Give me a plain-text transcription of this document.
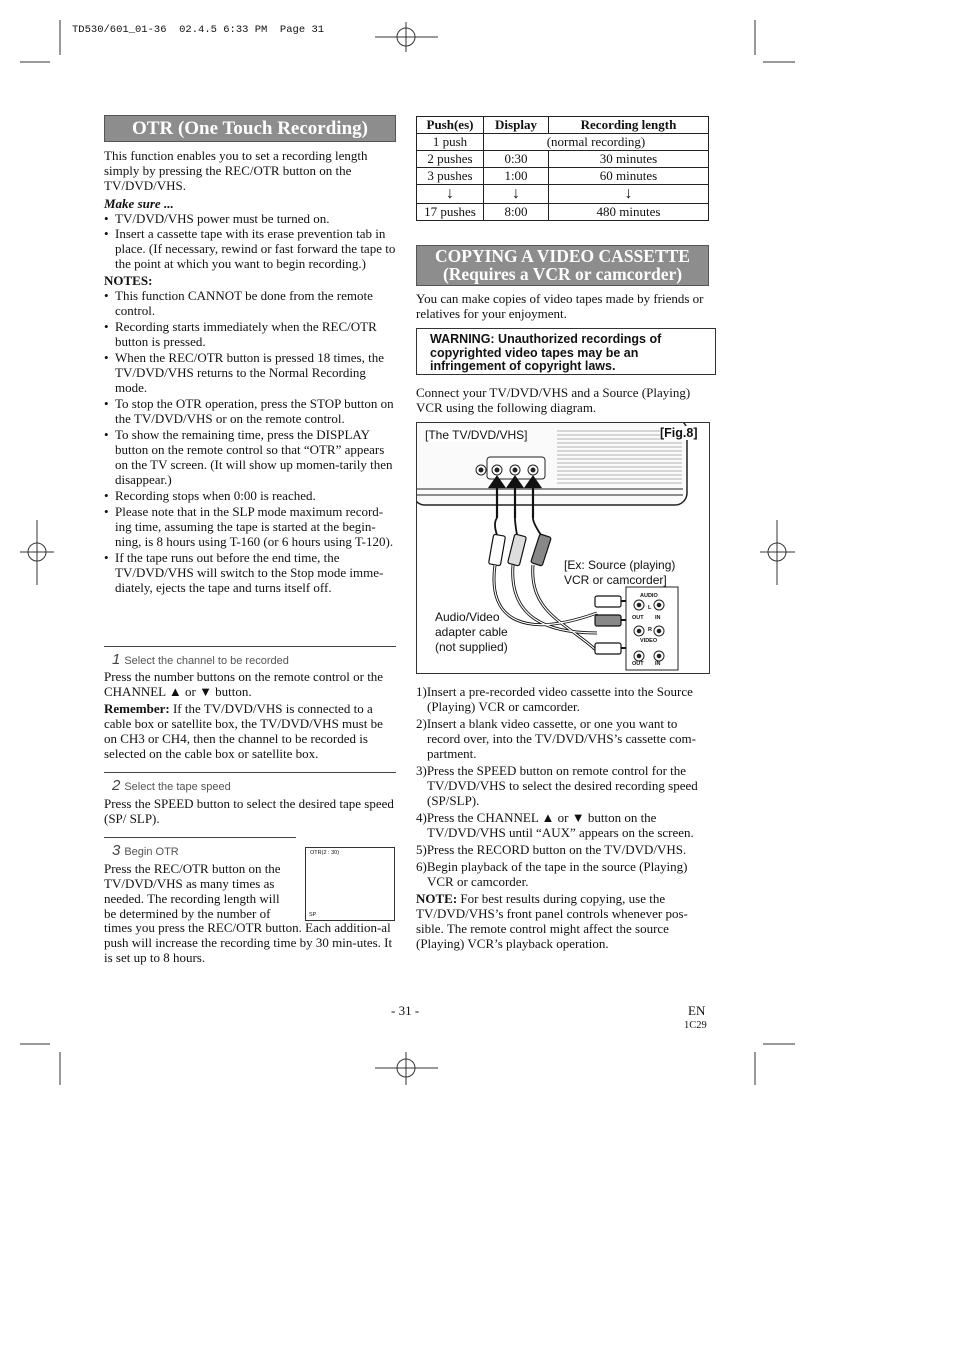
TD530/601_01-36  02.4.5 6:33 PM  Page 31
OTR (One Touch Recording)
This function enables you to set a recording length simply by pressing the REC/OTR button on the TV/DVD/VHS.
Make sure ...
• TV/DVD/VHS power must be turned on.
• Insert a cassette tape with its erase prevention tab in place. (If necessary, rewind or fast forward the tape to the point at which you want to begin recording.)
NOTES:
• This function CANNOT be done from the remote control.
• Recording starts immediately when the REC/OTR button is pressed.
• When the REC/OTR button is pressed 18 times, the TV/DVD/VHS returns to the Normal Recording mode.
• To stop the OTR operation, press the STOP button on the TV/DVD/VHS or on the remote control.
• To show the remaining time, press the DISPLAY button on the remote control so that “OTR” appears on the TV screen. (It will show up momen-tarily then disappear.)
• Recording stops when 0:00 is reached.
• Please note that in the SLP mode maximum record-ing time, assuming the tape is started at the begin-ning, is 8 hours using T-160 (or 6 hours using T-120).
• If the tape runs out before the end time, the TV/DVD/VHS will switch to the Stop mode imme-diately, ejects the tape and turns itself off.
1 Select the channel to be recorded
Press the number buttons on the remote control or the CHANNEL ▲ or ▼ button.
Remember: If the TV/DVD/VHS is connected to a cable box or satellite box, the TV/DVD/VHS must be on CH3 or CH4, then the channel to be recorded is selected on the cable box or satellite box.
2 Select the tape speed
Press the SPEED button to select the desired tape speed (SP/ SLP).
3 Begin OTR	OTR(2 : 30)
SP
Press the REC/OTR button on the TV/DVD/VHS as many times as needed. The recording length will be determined by the number of
times you press the REC/OTR button. Each addition-al push will increase the recording time by 30 min-utes. It is set up to 8 hours.
Push(es)	Display	Recording length
1 push	(normal recording)	
2 pushes	0:30	30 minutes
3 pushes	1:00	60 minutes
↓	↓	↓
17 pushes	8:00	480 minutes
COPYING A VIDEO CASSETTE
(Requires a VCR or camcorder)
You can make copies of video tapes made by friends or relatives for your enjoyment.
WARNING: Unauthorized recordings of copyrighted video tapes may be an infringement of copyright laws.
Connect your TV/DVD/VHS and a Source (Playing) VCR using the following diagram.
[The TV/DVD/VHS]	[Fig.8]
[Ex: Source (playing) VCR or camcorder]
Audio/Video adapter cable (not supplied)
AUDIO
L
OUT IN
R
VIDEO
OUT IN
1)Insert a pre-recorded video cassette into the Source (Playing) VCR or camcorder.
2)Insert a blank video cassette, or one you want to record over, into the TV/DVD/VHS’s cassette com-partment.
3)Press the SPEED button on remote control for the TV/DVD/VHS to select the desired recording speed (SP/SLP).
4)Press the CHANNEL ▲ or ▼ button on the TV/DVD/VHS until “AUX” appears on the screen.
5)Press the RECORD button on the TV/DVD/VHS.
6)Begin playback of the tape in the source (Playing) VCR or camcorder.
NOTE: For best results during copying, use the TV/DVD/VHS’s front panel controls whenever pos-sible. The remote control might affect the source (Playing) VCR’s playback operation.
- 31 -	EN
1C29
